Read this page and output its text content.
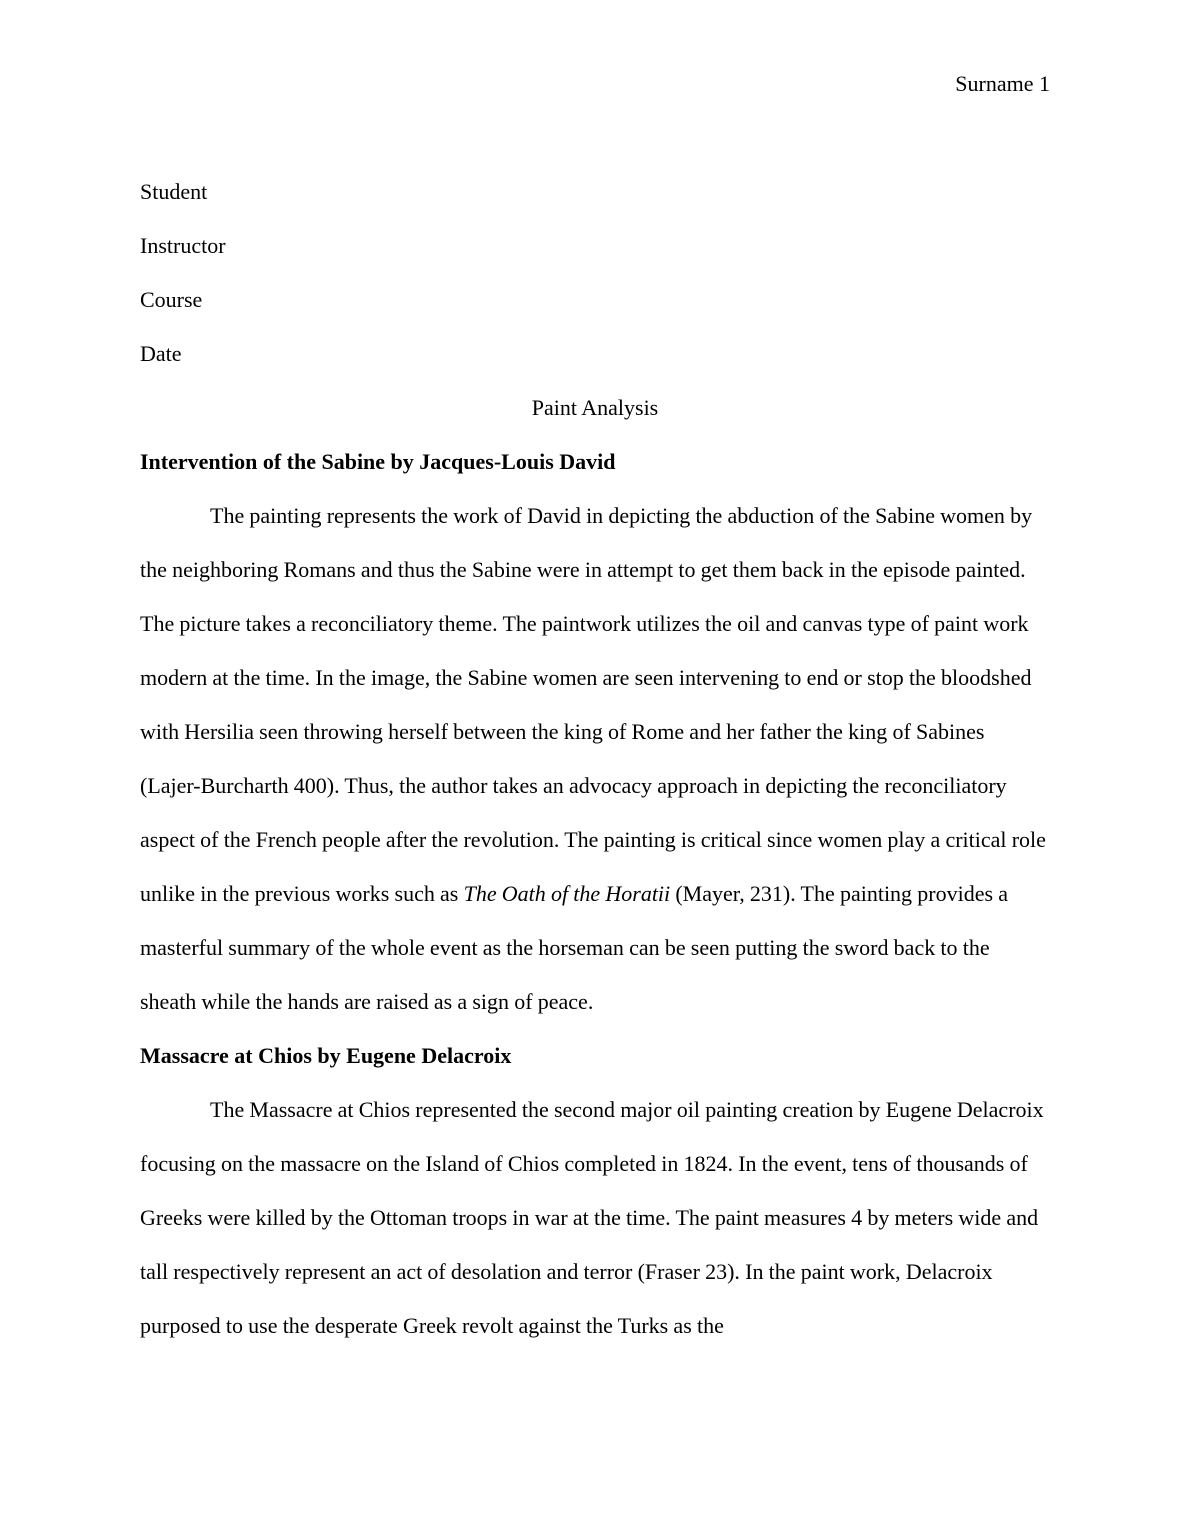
Surname 1

Student

Instructor

Course

Date

Paint Analysis

Intervention of the Sabine by Jacques-Louis David

The painting represents the work of David in depicting the abduction of the Sabine women by the neighboring Romans and thus the Sabine were in attempt to get them back in the episode painted. The picture takes a reconciliatory theme. The paintwork utilizes the oil and canvas type of paint work modern at the time. In the image, the Sabine women are seen intervening to end or stop the bloodshed with Hersilia seen throwing herself between the king of Rome and her father the king of Sabines (Lajer-Burcharth 400). Thus, the author takes an advocacy approach in depicting the reconciliatory aspect of the French people after the revolution. The painting is critical since women play a critical role unlike in the previous works such as The Oath of the Horatii (Mayer, 231). The painting provides a masterful summary of the whole event as the horseman can be seen putting the sword back to the sheath while the hands are raised as a sign of peace.

Massacre at Chios by Eugene Delacroix

The Massacre at Chios represented the second major oil painting creation by Eugene Delacroix focusing on the massacre on the Island of Chios completed in 1824. In the event, tens of thousands of Greeks were killed by the Ottoman troops in war at the time. The paint measures 4 by meters wide and tall respectively represent an act of desolation and terror (Fraser 23). In the paint work, Delacroix purposed to use the desperate Greek revolt against the Turks as the
